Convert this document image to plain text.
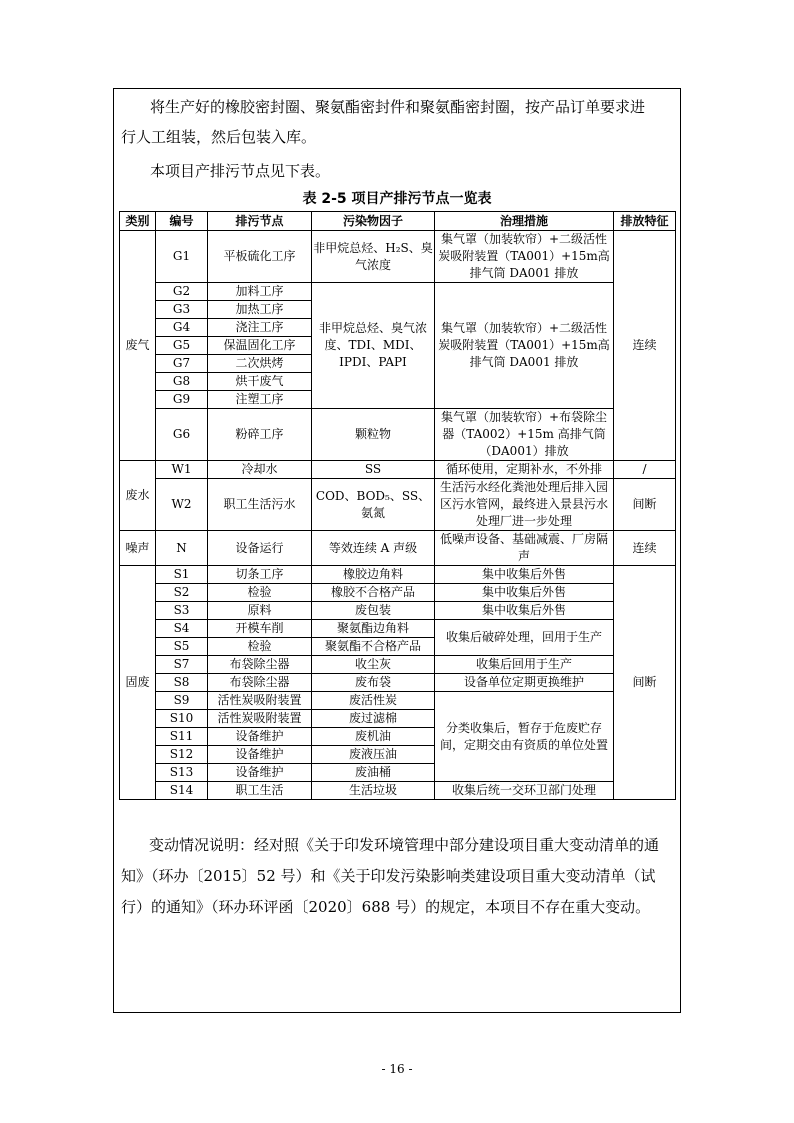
将生产好的橡胶密封圈、聚氨酯密封件和聚氨酯密封圈，按产品订单要求进
行人工组装，然后包装入库。
本项目产排污节点见下表。
表 2-5 项目产排污节点一览表
类别	编号	排污节点	污染物因子	治理措施	排放特征
废气	G1	平板硫化工序	非甲烷总烃、H₂S、臭气浓度	集气罩（加装软帘）+二级活性炭吸附装置（TA001）+15m高排气筒 DA001 排放	连续
	G2	加料工序	非甲烷总烃、臭气浓度、TDI、MDI、IPDI、PAPI	集气罩（加装软帘）+二级活性炭吸附装置（TA001）+15m高排气筒 DA001 排放	
	G3	加热工序			
	G4	浇注工序			
	G5	保温固化工序			
	G7	二次烘烤			
	G8	烘干废气			
	G9	注塑工序			
	G6	粉碎工序	颗粒物	集气罩（加装软帘）+布袋除尘器（TA002）+15m 高排气筒（DA001）排放	
废水	W1	冷却水	SS	循环使用，定期补水，不外排	/
	W2	职工生活污水	COD、BOD₅、SS、氨氮	生活污水经化粪池处理后排入园区污水管网，最终进入景县污水处理厂进一步处理	间断
噪声	N	设备运行	等效连续 A 声级	低噪声设备、基础减震、厂房隔声	连续
固废	S1	切条工序	橡胶边角料	集中收集后外售	间断
	S2	检验	橡胶不合格产品	集中收集后外售	
	S3	原料	废包装	集中收集后外售	
	S4	开模车削	聚氨酯边角料	收集后破碎处理，回用于生产	
	S5	检验	聚氨酯不合格产品		
	S7	布袋除尘器	收尘灰	收集后回用于生产	
	S8	布袋除尘器	废布袋	设备单位定期更换维护	
	S9	活性炭吸附装置	废活性炭	分类收集后，暂存于危废贮存间，定期交由有资质的单位处置	
	S10	活性炭吸附装置	废过滤棉		
	S11	设备维护	废机油		
	S12	设备维护	废液压油		
	S13	设备维护	废油桶		
	S14	职工生活	生活垃圾	收集后统一交环卫部门处理	
变动情况说明：经对照《关于印发环境管理中部分建设项目重大变动清单的通知》（环办〔2015〕52 号）和《关于印发污染影响类建设项目重大变动清单（试行）的通知》（环办环评函〔2020〕688 号）的规定，本项目不存在重大变动。
- 16 -
